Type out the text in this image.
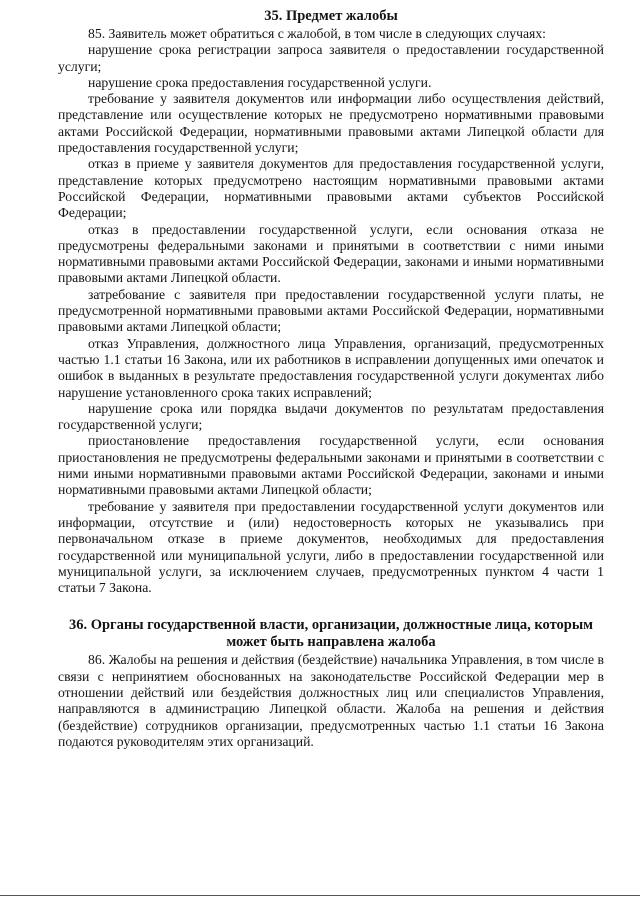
35. Предмет жалобы

85. Заявитель может обратиться с жалобой, в том числе в следующих случаях:

нарушение срока регистрации запроса заявителя о предоставлении государственной услуги;

нарушение срока предоставления государственной услуги.

требование у заявителя документов или информации либо осуществления действий, представление или осуществление которых не предусмотрено нормативными правовыми актами Российской Федерации, нормативными правовыми актами Липецкой области для предоставления государственной услуги;

отказ в приеме у заявителя документов для предоставления государственной услуги, представление которых предусмотрено настоящим нормативными правовыми актами Российской Федерации, нормативными правовыми актами субъектов Российской Федерации;

отказ в предоставлении государственной услуги, если основания отказа не предусмотрены федеральными законами и принятыми в соответствии с ними иными нормативными правовыми актами Российской Федерации, законами и иными нормативными правовыми актами Липецкой области.

затребование с заявителя при предоставлении государственной услуги платы, не предусмотренной нормативными правовыми актами Российской Федерации, нормативными правовыми актами Липецкой области;

отказ Управления, должностного лица Управления, организаций, предусмотренных частью 1.1 статьи 16 Закона, или их работников в исправлении допущенных ими опечаток и ошибок в выданных в результате предоставления государственной услуги документах либо нарушение установленного срока таких исправлений;

нарушение срока или порядка выдачи документов по результатам предоставления государственной услуги;

приостановление предоставления государственной услуги, если основания приостановления не предусмотрены федеральными законами и принятыми в соответствии с ними иными нормативными правовыми актами Российской Федерации, законами и иными нормативными правовыми актами Липецкой области;

требование у заявителя при предоставлении государственной услуги документов или информации, отсутствие и (или) недостоверность которых не указывались при первоначальном отказе в приеме документов, необходимых для предоставления государственной или муниципальной услуги, либо в предоставлении государственной или муниципальной услуги, за исключением случаев, предусмотренных пунктом 4 части 1 статьи 7 Закона.

36. Органы государственной власти, организации, должностные лица, которым может быть направлена жалоба

86. Жалобы на решения и действия (бездействие) начальника Управления, в том числе в связи с непринятием обоснованных на законодательстве Российской Федерации мер в отношении действий или бездействия должностных лиц или специалистов Управления, направляются в администрацию Липецкой области. Жалоба на решения и действия (бездействие) сотрудников организации, предусмотренных частью 1.1 статьи 16 Закона подаются руководителям этих организаций.
